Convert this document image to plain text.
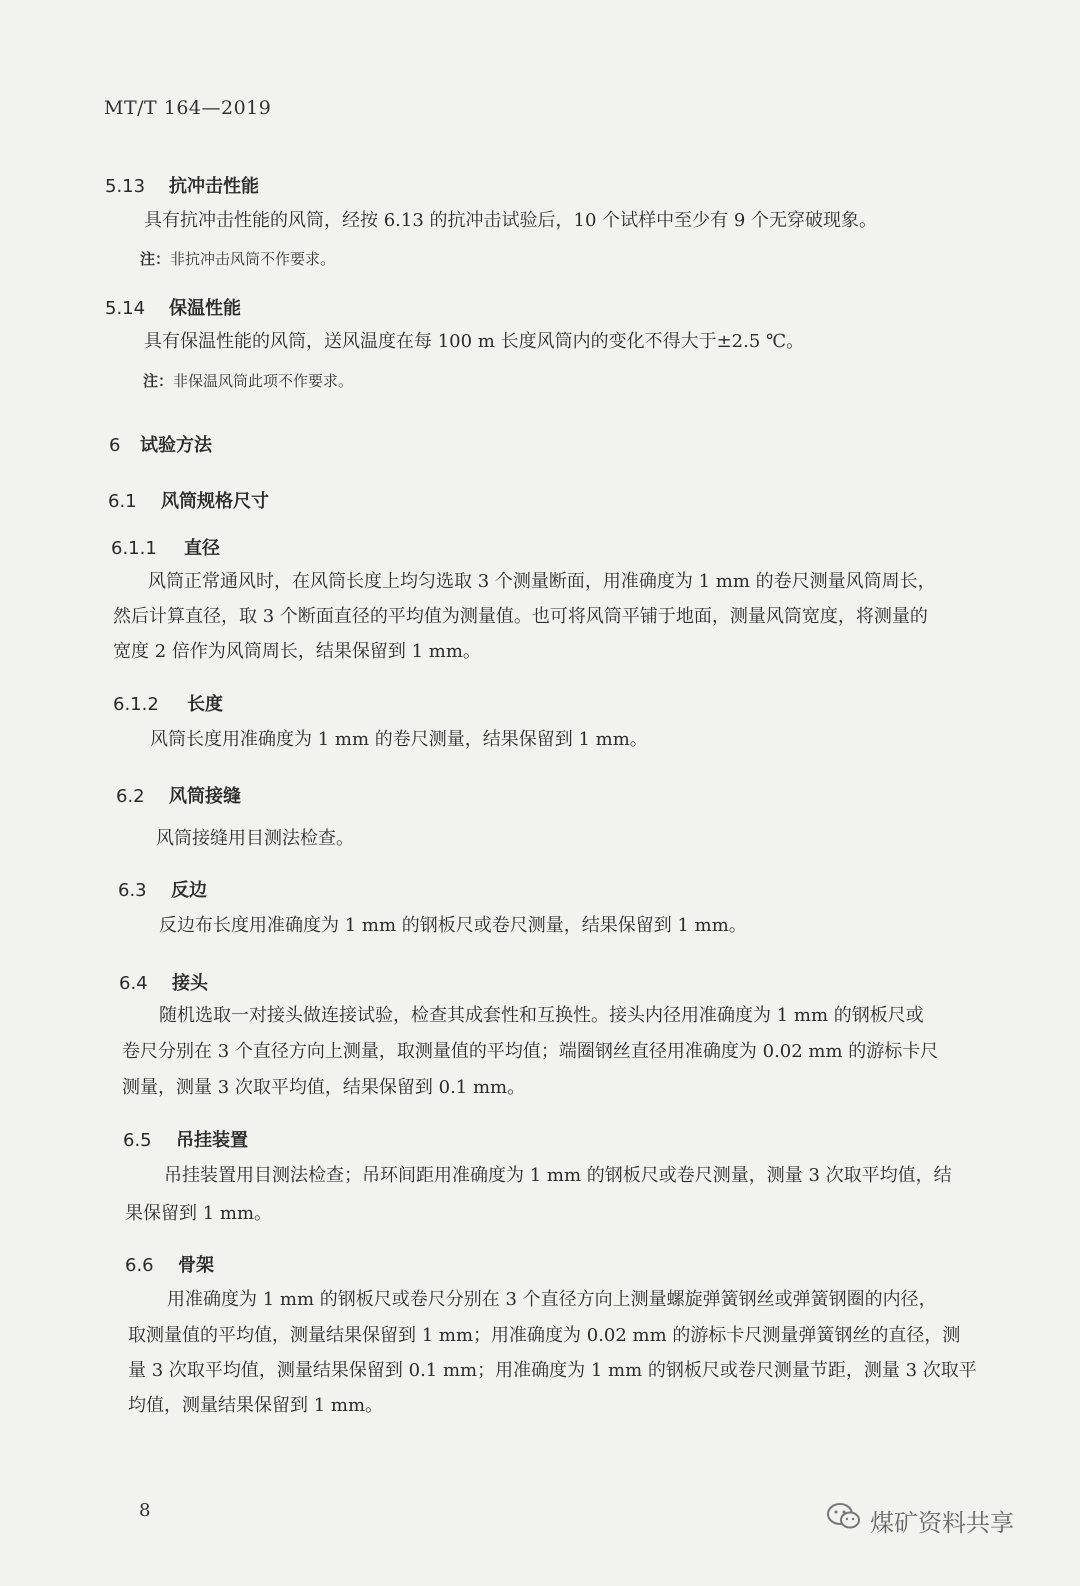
MT/T 164—2019
5.13 抗冲击性能
具有抗冲击性能的风筒，经按 6.13 的抗冲击试验后，10 个试样中至少有 9 个无穿破现象。
注：非抗冲击风筒不作要求。
5.14 保温性能
具有保温性能的风筒，送风温度在每 100 m 长度风筒内的变化不得大于±2.5 ℃。
注：非保温风筒此项不作要求。
6 试验方法
6.1 风筒规格尺寸
6.1.1 直径
风筒正常通风时，在风筒长度上均匀选取 3 个测量断面，用准确度为 1 mm 的卷尺测量风筒周长，
然后计算直径，取 3 个断面直径的平均值为测量值。也可将风筒平铺于地面，测量风筒宽度，将测量的
宽度 2 倍作为风筒周长，结果保留到 1 mm。
6.1.2 长度
风筒长度用准确度为 1 mm 的卷尺测量，结果保留到 1 mm。
6.2 风筒接缝
风筒接缝用目测法检查。
6.3 反边
反边布长度用准确度为 1 mm 的钢板尺或卷尺测量，结果保留到 1 mm。
6.4 接头
随机选取一对接头做连接试验，检查其成套性和互换性。接头内径用准确度为 1 mm 的钢板尺或
卷尺分别在 3 个直径方向上测量，取测量值的平均值；端圈钢丝直径用准确度为 0.02 mm 的游标卡尺
测量，测量 3 次取平均值，结果保留到 0.1 mm。
6.5 吊挂装置
吊挂装置用目测法检查；吊环间距用准确度为 1 mm 的钢板尺或卷尺测量，测量 3 次取平均值，结
果保留到 1 mm。
6.6 骨架
用准确度为 1 mm 的钢板尺或卷尺分别在 3 个直径方向上测量螺旋弹簧钢丝或弹簧钢圈的内径，
取测量值的平均值，测量结果保留到 1 mm；用准确度为 0.02 mm 的游标卡尺测量弹簧钢丝的直径，测
量 3 次取平均值，测量结果保留到 0.1 mm；用准确度为 1 mm 的钢板尺或卷尺测量节距，测量 3 次取平
均值，测量结果保留到 1 mm。
8	煤矿资料共享
